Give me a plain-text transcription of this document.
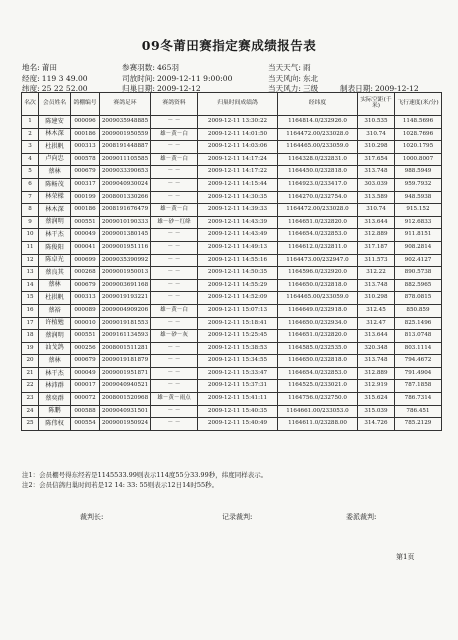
09冬莆田赛指定赛成绩报告表
地名: 莆田	参赛羽数: 465羽	当天天气: 雨
经度: 119 3 49.00	司放时间: 2009-12-11 9:00:00	当天风向: 东北
纬度: 25 22 52.00	归巢日期: 2009-12-12	当天风力: 三级	制表日期: 2009-12-12
名次	会员姓名	鸽棚编号	赛鸽足环	赛鸽资料	归巢时间成绩鸽	经纬度	实际空距(千米)	飞行速度(米/分)
1	陈建安	000096	2009035948885	－ －	2009-12-11 13:30:22	1164814.0/232926.0	310.535	1148.5696
2	林木深	000186	2009001950559	雄－黄－白	2009-12-11 14:01:50	1164472.00/233028.0	310.74	1028.7696
3	杜拱帆	000313	2008191448887	－ －	2009-12-11 14:03:06	1164465.00/233059.0	310.298	1020.1795
4	卢向忠	000578	2009011105585	雄－黄－白	2009-12-11 14:17:24	1164328.0/232831.0	317.654	1000.8007
5	蔡林	000679	2009033390653	－ －	2009-12-11 14:17:22	1164450.0/232818.0	313.748	988.5949
6	陈畅茂	000317	2009040930024	－ －	2009-12-11 14:15:44	1164923.0/233417.0	303.039	959.7932
7	林荣樑	000199	2008001330266	－ －	2009-12-11 14:30:35	1164270.0/232754.0	313.589	948.5938
8	林木深	000186	2008191676479	雄－黄－白	2009-12-11 14:39:33	1164472.00/233028.0	310.74	915.152
9	蔡润明	000551	2009010190333	雄－砂－红绛	2009-12-11 14:43:39	1164651.0/232820.0	313.644	912.6833
10	林干杰	000049	2009001380145	－ －	2009-12-11 14:43:49	1164654.0/232853.0	312.889	911.8151
11	陈俊阳	000041	2009001951116	－ －	2009-12-11 14:49:13	1164612.0/232811.0	317.187	908.2814
12	陈卓光	000699	2009035390992	－ －	2009-12-11 14:55:16	1164473.00/232947.0	311.573	902.4127
13	蔡良其	000268	2009001950013	－ －	2009-12-11 14:50:35	1164596.0/232920.0	312.22	890.5738
14	蔡林	000679	2009003691168	－ －	2009-12-11 14:55:29	1164650.0/232818.0	313.748	882.5965
15	杜拱帆	000313	2009019193221	－ －	2009-12-11 14:52:09	1164465.00/233059.0	310.298	878.0815
16	蔡裕	000089	2009004909206	雄－黄－白	2009-12-11 15:07:13	1164649.0/232918.0	312.45	850.859
17	许植勉	000010	2009019181553	－ －	2009-12-11 15:18:41	1164650.0/232934.0	312.47	825.1496
18	蔡润明	000551	2009161134593	雄－砂－灰	2009-12-11 15:25:45	1164651.0/232820.0	313.644	813.0748
19	汕戈鸽	000256	2008001511281	－ －	2009-12-11 15:38:53	1164585.0/232535.0	320.348	803.1114
20	蔡林	000679	2009019181879	－ －	2009-12-11 15:34:55	1164650.0/232818.0	313.748	794.4672
21	林干杰	000049	2009001951871	－ －	2009-12-11 15:33:47	1164654.0/232853.0	312.889	791.4904
22	林沛群	000017	2009040940521	－ －	2009-12-11 15:37:31	1164525.0/233021.0	312.919	787.1858
23	蔡奕群	000072	2008001520968	雄－黄－雨点	2009-12-11 15:41:11	1164756.0/232750.0	315.624	786.7314
24	陈鹏	000588	2009040931501	－ －	2009-12-11 15:40:35	1164661.00/233053.0	315.039	786.451
25	陈伟权	000554	2009001950924	－ －	2009-12-11 15:40:49	1164611.0/23288.00	314.726	785.2129
注1：会员棚号得东经若是1145533.99则表示114度55分33.99秒，纬度同样表示。
注2：会员信鸽归巢时间若是12 14: 33: 55则表示12日14时55秒。
裁判长:	记录裁判:	委派裁判:
第1页
